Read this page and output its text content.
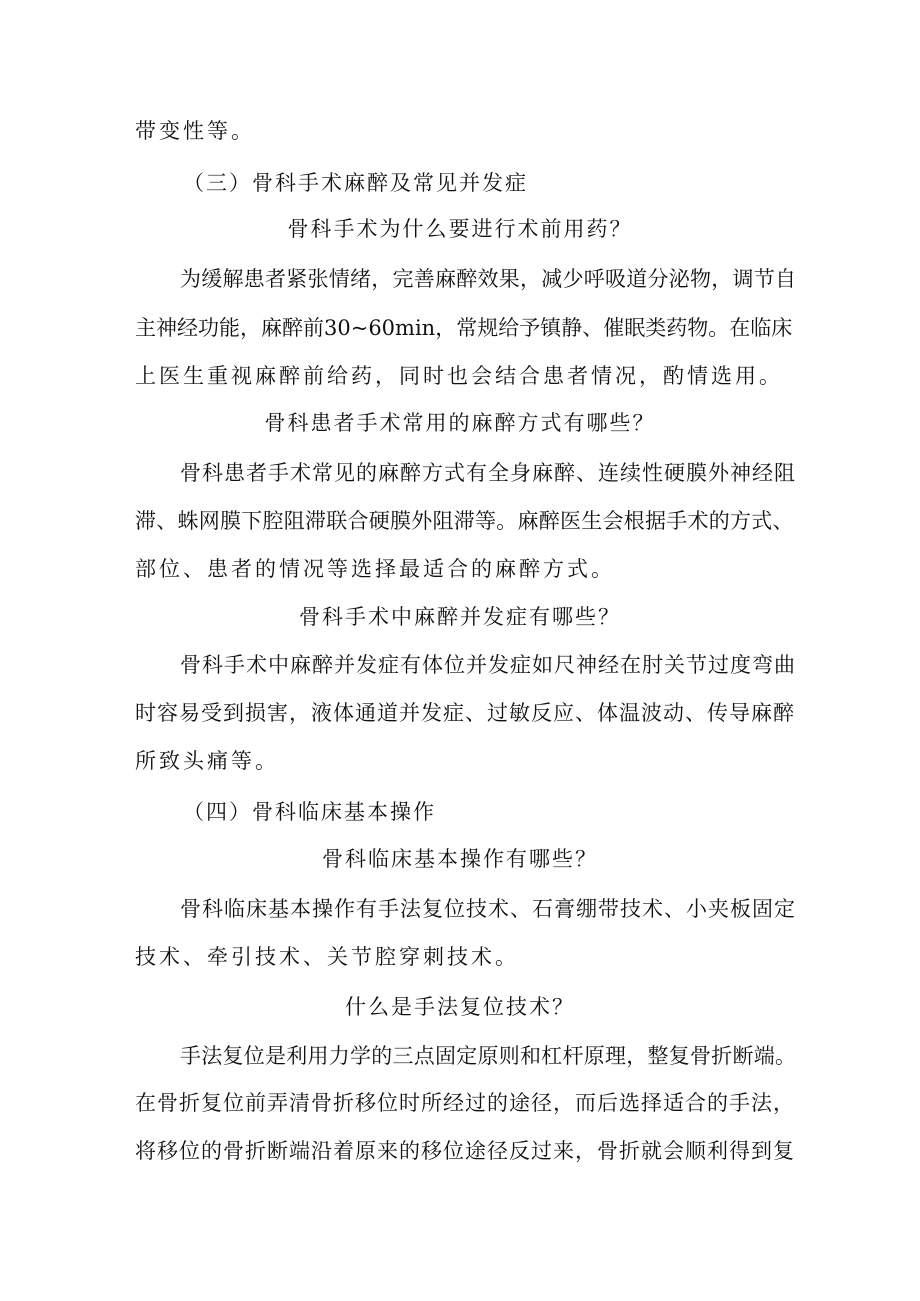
带变性等。
（三）骨科手术麻醉及常见并发症
骨科手术为什么要进行术前用药？
为缓解患者紧张情绪，完善麻醉效果，减少呼吸道分泌物，调节自
主神经功能，麻醉前30~60min，常规给予镇静、催眠类药物。在临床
上医生重视麻醉前给药，同时也会结合患者情况，酌情选用。
骨科患者手术常用的麻醉方式有哪些？
骨科患者手术常见的麻醉方式有全身麻醉、连续性硬膜外神经阻
滞、蛛网膜下腔阻滞联合硬膜外阻滞等。麻醉医生会根据手术的方式、
部位、患者的情况等选择最适合的麻醉方式。
骨科手术中麻醉并发症有哪些？
骨科手术中麻醉并发症有体位并发症如尺神经在肘关节过度弯曲
时容易受到损害，液体通道并发症、过敏反应、体温波动、传导麻醉
所致头痛等。
（四）骨科临床基本操作
骨科临床基本操作有哪些？
骨科临床基本操作有手法复位技术、石膏绷带技术、小夹板固定
技术、牵引技术、关节腔穿刺技术。
什么是手法复位技术？
手法复位是利用力学的三点固定原则和杠杆原理，整复骨折断端。
在骨折复位前弄清骨折移位时所经过的途径，而后选择适合的手法，
将移位的骨折断端沿着原来的移位途径反过来，骨折就会顺利得到复
